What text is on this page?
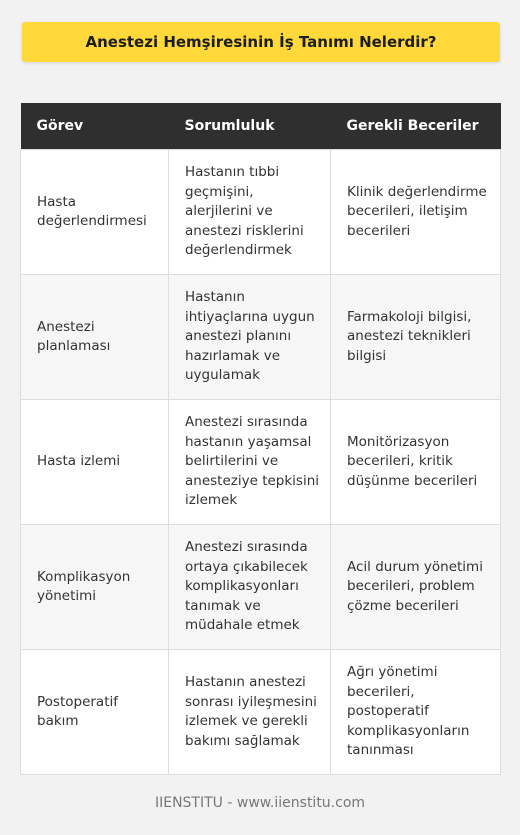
Anestezi Hemşiresinin İş Tanımı Nelerdir?
Görev	Sorumluluk	Gerekli Beceriler
Hasta değerlendirmesi	Hastanın tıbbi geçmişini, alerjilerini ve anestezi risklerini değerlendirmek	Klinik değerlendirme becerileri, iletişim becerileri
Anestezi planlaması	Hastanın ihtiyaçlarına uygun anestezi planını hazırlamak ve uygulamak	Farmakoloji bilgisi, anestezi teknikleri bilgisi
Hasta izlemi	Anestezi sırasında hastanın yaşamsal belirtilerini ve anesteziye tepkisini izlemek	Monitörizasyon becerileri, kritik düşünme becerileri
Komplikasyon yönetimi	Anestezi sırasında ortaya çıkabilecek komplikasyonları tanımak ve müdahale etmek	Acil durum yönetimi becerileri, problem çözme becerileri
Postoperatif bakım	Hastanın anestezi sonrası iyileşmesini izlemek ve gerekli bakımı sağlamak	Ağrı yönetimi becerileri, postoperatif komplikasyonların tanınması
IIENSTITU - www.iienstitu.com
